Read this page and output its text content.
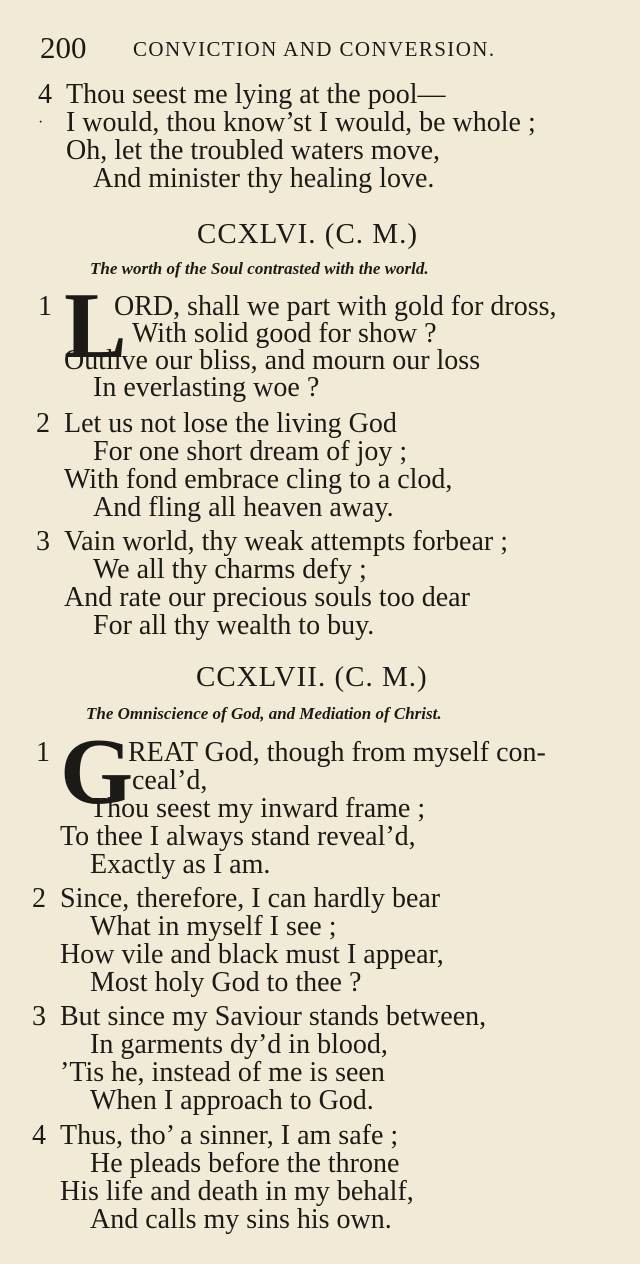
200 CONVICTION AND CONVERSION.
4 Thou seest me lying at the pool—
· I would, thou know’st I would, be whole ;
Oh, let the troubled waters move,
And minister thy healing love.
CCXLVI. (C. M.)
The worth of the Soul contrasted with the world.
1 L
ORD, shall we part with gold for dross,
With solid good for show ?
Outlive our bliss, and mourn our loss
In everlasting woe ?
2 Let us not lose the living God
For one short dream of joy ;
With fond embrace cling to a clod,
And fling all heaven away.
3 Vain world, thy weak attempts forbear ;
We all thy charms defy ;
And rate our precious souls too dear
For all thy wealth to buy.
CCXLVII. (C. M.)
The Omniscience of God, and Mediation of Christ.
1 G
REAT God, though from myself con-
ceal’d,
Thou seest my inward frame ;
To thee I always stand reveal’d,
Exactly as I am.
2 Since, therefore, I can hardly bear
What in myself I see ;
How vile and black must I appear,
Most holy God to thee ?
3 But since my Saviour stands between,
In garments dy’d in blood,
’Tis he, instead of me is seen
When I approach to God.
4 Thus, tho’ a sinner, I am safe ;
He pleads before the throne
His life and death in my behalf,
And calls my sins his own.
